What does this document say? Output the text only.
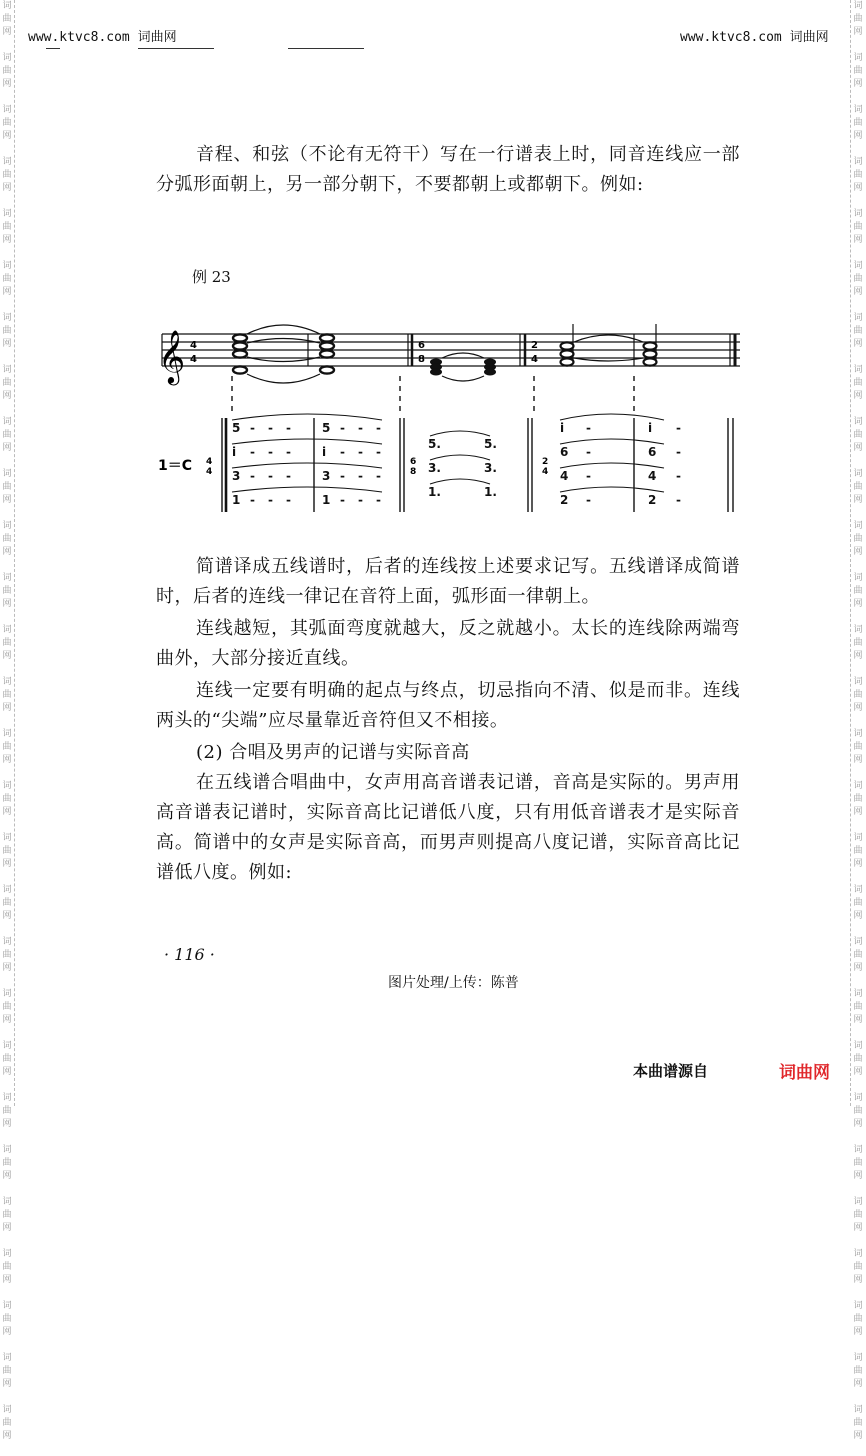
词
曲
网

词
曲
网

词
曲
网

词
曲
网

词
曲
网

词
曲
网

词
曲
网

词
曲
网

词
曲
网

词
曲
网

词
曲
网

词
曲
网

词
曲
网

词
曲
网

词
曲
网

词
曲
网

词
曲
网

词
曲
网

词
曲
网

词
曲
网

词
曲
网

词
曲
网

词
曲
网

词
曲
网

词
曲
网

词
曲
网

词
曲
网

词
曲
网

词
曲
网

词
曲
网

词
曲
网

词
曲
网

词
曲
网

词
曲
网

词
曲
网

词
曲
网

词
曲
网

词
曲
网

词
曲
网

词
曲
网

词
曲
网

词
曲
网

词
曲
网

词
曲
网

词
曲
网

词
曲
网

词
曲
网

词
曲
网

词
曲
网

词
曲
网

词
曲
网

词
曲
网

词
曲
网

词
曲
网

词
曲
网

词
曲
网

www.ktvc8.com 词曲网	www.ktvc8.com 词曲网

音程、和弦（不论有无符干）写在一行谱表上时，同音连线应一部分弧形面朝上，另一部分朝下，不要都朝上或都朝下。例如:

例 23
𝄞 4
4
6
8
2
4
1＝C 4
4
6
8
2
4
5 - - -	5 - - -
i - - -	i - - -
3 - - -	3 - - -
1 - - -	1 - - -
5.	5.
3.	3.
1.	1.
i -	i -
6 -	6 -
4 -	4 -
2 -	2 -

简谱译成五线谱时，后者的连线按上述要求记写。五线谱译成简谱时，后者的连线一律记在音符上面，弧形面一律朝上。

连线越短，其弧面弯度就越大，反之就越小。太长的连线除两端弯曲外，大部分接近直线。

连线一定要有明确的起点与终点，切忌指向不清、似是而非。连线两头的“尖端”应尽量靠近音符但又不相接。

(2) 合唱及男声的记谱与实际音高

在五线谱合唱曲中，女声用高音谱表记谱，音高是实际的。男声用高音谱表记谱时，实际音高比记谱低八度，只有用低音谱表才是实际音高。简谱中的女声是实际音高，而男声则提高八度记谱，实际音高比记谱低八度。例如:

· 116 ·
图片处理/上传：陈普
本曲谱源自	词曲网
